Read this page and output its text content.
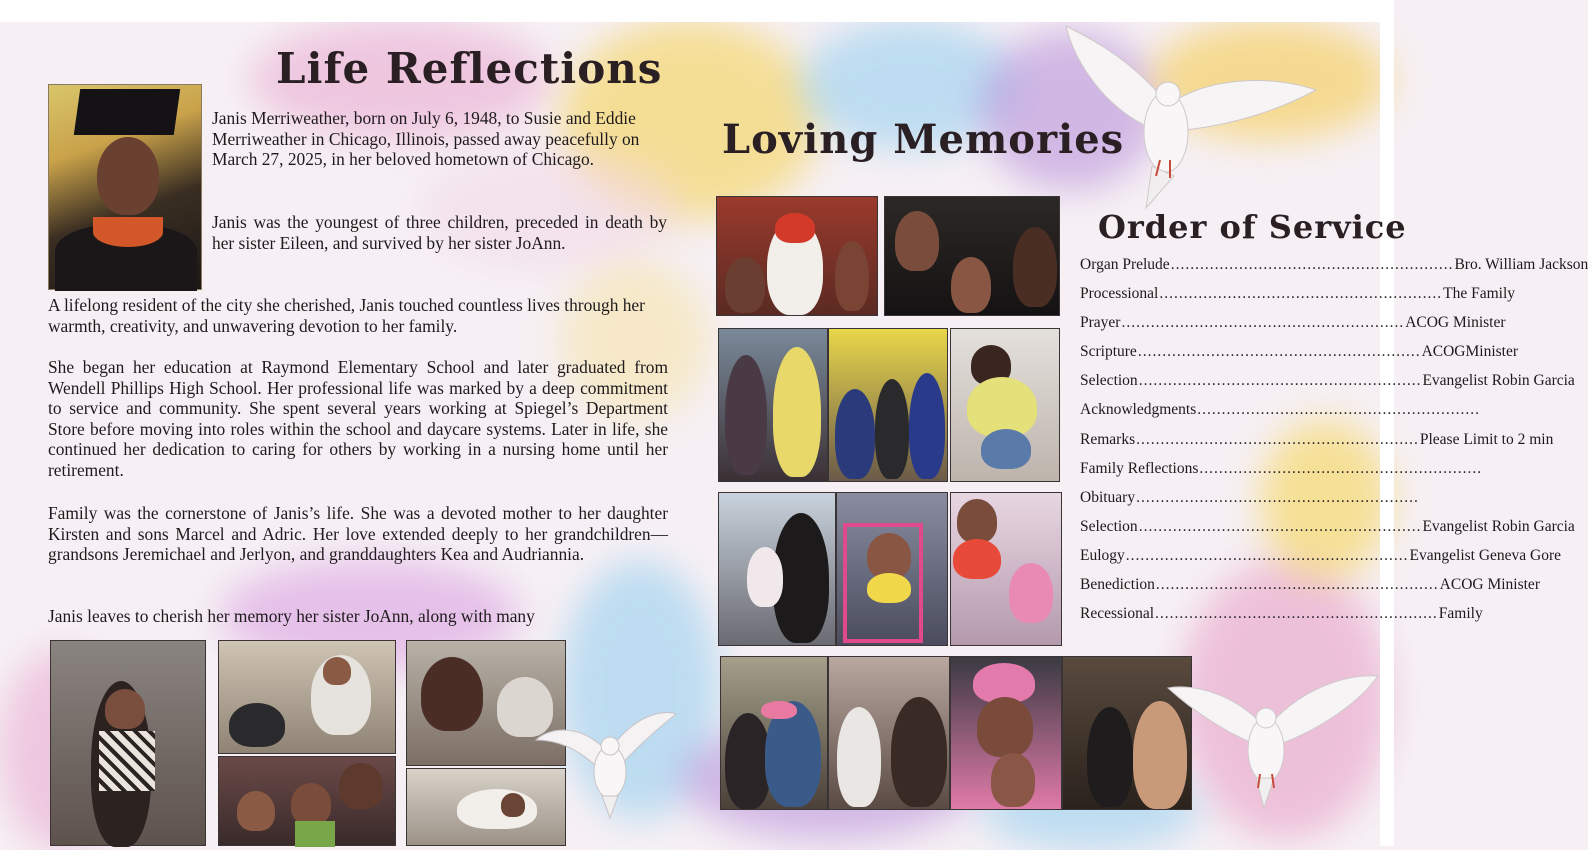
Life Reflections

Janis Merriweather, born on July 6, 1948, to Susie and Eddie Merriweather in Chicago, Illinois, passed away peacefully on March 27, 2025, in her beloved hometown of Chicago.

Janis was the youngest of three children, preceded in death by her sister Eileen, and survived by her sister JoAnn.

A lifelong resident of the city she cherished, Janis touched countless lives through her warmth, creativity, and unwavering devotion to her family.

She began her education at Raymond Elementary School and later graduated from Wendell Phillips High School. Her professional life was marked by a deep commitment to service and community. She spent several years working at Spiegel’s Department Store before moving into roles within the school and daycare systems. Later in life, she continued her dedication to caring for others by working in a nursing home until her retirement.

Family was the cornerstone of Janis’s life. She was a devoted mother to her daughter Kirsten and sons Marcel and Adric. Her love extended deeply to her grandchildren—grandsons Jeremichael and Jerlyon, and granddaughters Kea and Audriannia.

Janis leaves to cherish her memory her sister JoAnn, along with many

Loving Memories
Order of Service
Organ Prelude .......................................................... Bro. William Jackson
Processional .......................................................... The Family
Prayer .......................................................... ACOG Minister
Scripture .......................................................... ACOGMinister
Selection .......................................................... Evangelist Robin Garcia
Acknowledgments ..........................................................
Remarks .......................................................... Please Limit to 2 min
Family Reflections ..........................................................
Obituary ..........................................................
Selection .......................................................... Evangelist Robin Garcia
Eulogy .......................................................... Evangelist Geneva Gore
Benediction .......................................................... ACOG Minister
Recessional .......................................................... Family
